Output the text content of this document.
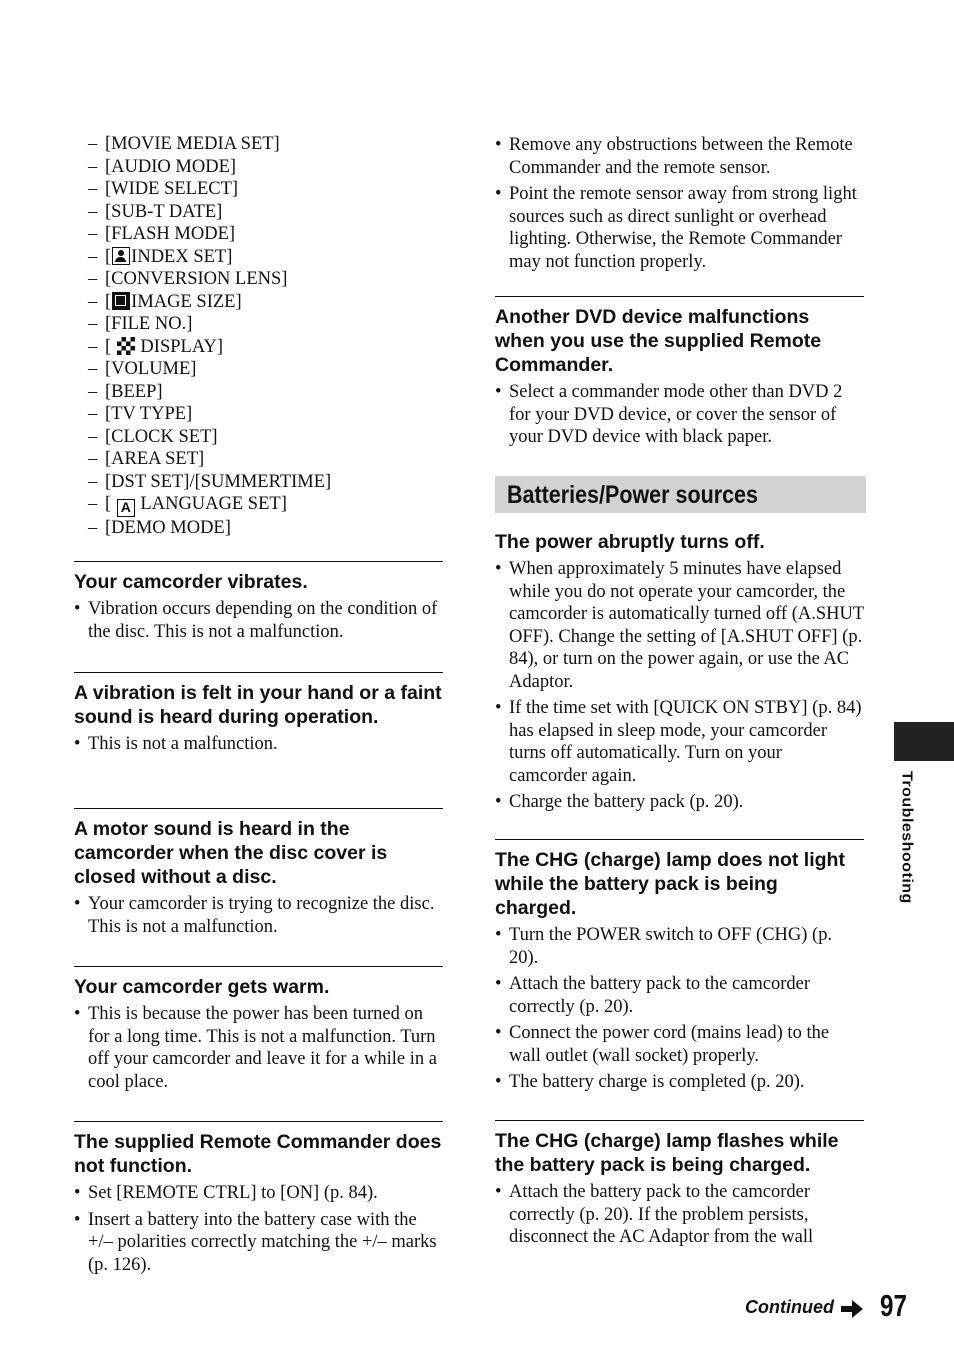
– [MOVIE MEDIA SET]
– [AUDIO MODE]
– [WIDE SELECT]
– [SUB-T DATE]
– [FLASH MODE]
– [ INDEX SET]
– [CONVERSION LENS]
– [ IMAGE SIZE]
– [FILE NO.]
– [  DISPLAY]
– [VOLUME]
– [BEEP]
– [TV TYPE]
– [CLOCK SET]
– [AREA SET]
– [DST SET]/[SUMMERTIME]
– [ A LANGUAGE SET]
– [DEMO MODE]
Your camcorder vibrates.
• Vibration occurs depending on the condition of the disc. This is not a malfunction.
A vibration is felt in your hand or a faint sound is heard during operation.
• This is not a malfunction.
A motor sound is heard in the camcorder when the disc cover is closed without a disc.
• Your camcorder is trying to recognize the disc. This is not a malfunction.
Your camcorder gets warm.
• This is because the power has been turned on for a long time. This is not a malfunction. Turn off your camcorder and leave it for a while in a cool place.
The supplied Remote Commander does not function.
• Set [REMOTE CTRL] to [ON] (p. 84).
• Insert a battery into the battery case with the +/– polarities correctly matching the +/– marks (p. 126).
• Remove any obstructions between the Remote Commander and the remote sensor.
• Point the remote sensor away from strong light sources such as direct sunlight or overhead lighting. Otherwise, the Remote Commander may not function properly.
Another DVD device malfunctions when you use the supplied Remote Commander.
• Select a commander mode other than DVD 2 for your DVD device, or cover the sensor of your DVD device with black paper.
Batteries/Power sources
The power abruptly turns off.
• When approximately 5 minutes have elapsed while you do not operate your camcorder, the camcorder is automatically turned off (A.SHUT OFF). Change the setting of [A.SHUT OFF] (p. 84), or turn on the power again, or use the AC Adaptor.
• If the time set with [QUICK ON STBY] (p. 84) has elapsed in sleep mode, your camcorder turns off automatically. Turn on your camcorder again.
• Charge the battery pack (p. 20).
The CHG (charge) lamp does not light while the battery pack is being charged.
• Turn the POWER switch to OFF (CHG) (p. 20).
• Attach the battery pack to the camcorder correctly (p. 20).
• Connect the power cord (mains lead) to the wall outlet (wall socket) properly.
• The battery charge is completed (p. 20).
The CHG (charge) lamp flashes while the battery pack is being charged.
• Attach the battery pack to the camcorder correctly (p. 20). If the problem persists, disconnect the AC Adaptor from the wall
Troubleshooting
Continued 97
